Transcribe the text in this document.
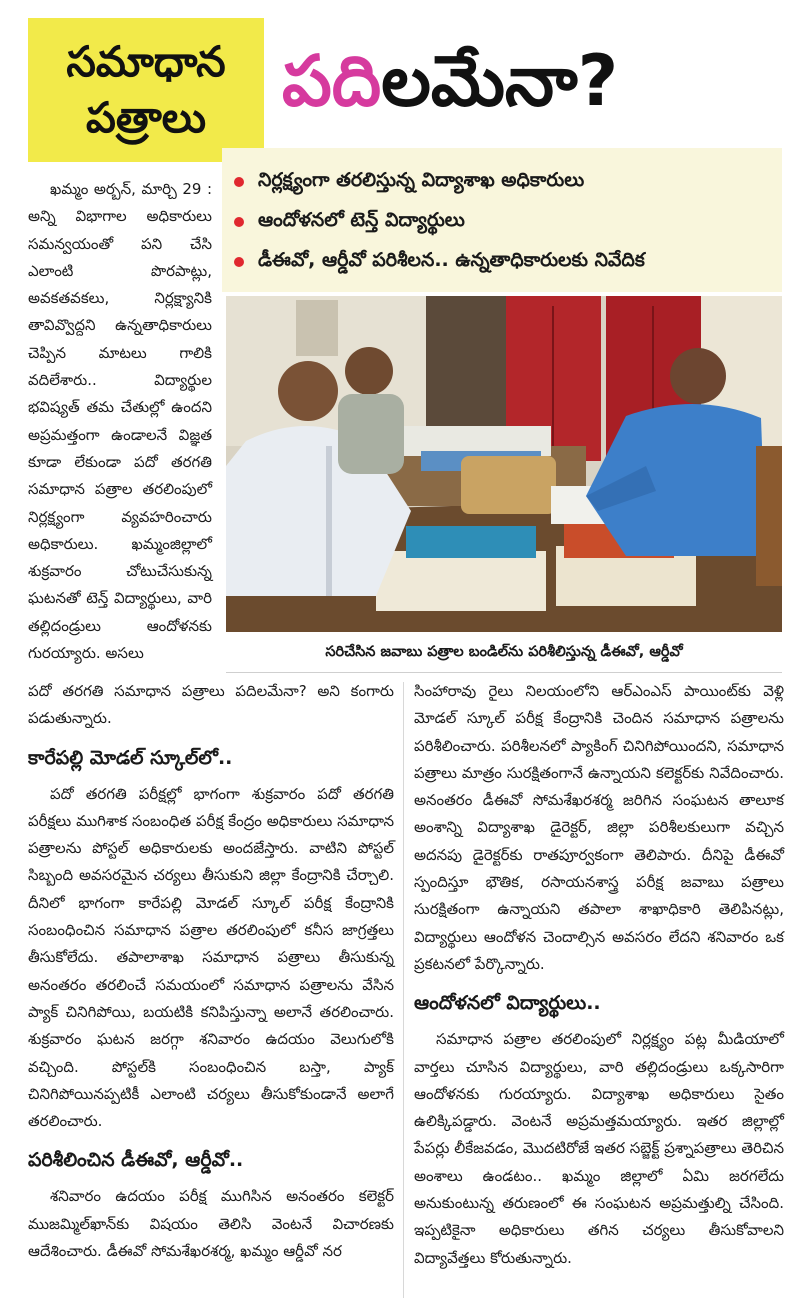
సమాధాన
పత్రాలు పదిలమేనా?
నిర్లక్ష్యంగా తరలిస్తున్న విద్యాశాఖ అధికారులు
ఆందోళనలో టెన్త్‌ విద్యార్థులు
డీఈవో, ఆర్డీవో పరిశీలన.. ఉన్నతాధికారులకు నివేదిక
సరిచేసిన జవాబు పత్రాల బండిల్‌ను పరిశీలిస్తున్న డీఈవో, ఆర్డీవో

ఖమ్మం అర్బన్‌, మార్చి 29 : అన్ని విభాగాల అధికారులు సమన్వయంతో పని చేసి ఎలాంటి పొరపాట్లు, అవకతవకలు, నిర్లక్ష్యానికి తావివ్వొద్దని ఉన్నతాధికారులు చెప్పిన మాటలు గాలికి వదిలేశారు.. విద్యార్థుల భవిష్యత్‌ తమ చేతుల్లో ఉందని అప్రమత్తంగా ఉండాలనే విజ్ఞత కూడా లేకుండా పదో తరగతి సమాధాన పత్రాల తరలింపులో నిర్లక్ష్యంగా వ్యవహరించారు అధికారులు. ఖమ్మంజిల్లాలో శుక్రవారం చోటుచేసుకున్న ఘటనతో టెన్త్‌ విద్యార్థులు, వారి తల్లిదండ్రులు ఆందోళనకు గురయ్యారు. అసలు

పదో తరగతి సమాధాన పత్రాలు పదిలమేనా? అని కంగారు పడుతున్నారు.

కారేపల్లి మోడల్‌ స్కూల్‌లో..

పదో తరగతి పరీక్షల్లో భాగంగా శుక్రవారం పదో తరగతి పరీక్షలు ముగిశాక సంబంధిత పరీక్ష కేంద్రం అధికారులు సమాధాన పత్రాలను పోస్టల్‌ అధికారులకు అందజేస్తారు. వాటిని పోస్టల్‌ సిబ్బంది అవసరమైన చర్యలు తీసుకుని జిల్లా కేంద్రానికి చేర్చాలి. దీనిలో భాగంగా కారేపల్లి మోడల్‌ స్కూల్‌ పరీక్ష కేంద్రానికి సంబంధించిన సమాధాన పత్రాల తరలింపులో కనీస జాగ్రత్తలు తీసుకోలేదు. తపాలాశాఖ సమాధాన పత్రాలు తీసుకున్న అనంతరం తరలించే సమయంలో సమాధాన పత్రాలను వేసిన ప్యాక్‌ చినిగిపోయి, బయటికి కనిపిస్తున్నా అలానే తరలించారు. శుక్రవారం ఘటన జరగ్గా శనివారం ఉదయం వెలుగులోకి వచ్చింది. పోస్టల్‌కి సంబంధించిన బస్తా, ప్యాక్‌ చినిగిపోయినప్పటికీ ఎలాంటి చర్యలు తీసుకోకుండానే అలాగే తరలించారు.

పరిశీలించిన డీఈవో, ఆర్డీవో..

శనివారం ఉదయం పరీక్ష ముగిసిన అనంతరం కలెక్టర్‌ ముజమ్మిల్‌ఖాన్‌కు విషయం తెలిసి వెంటనే విచారణకు ఆదేశించారు. డీఈవో సోమశేఖరశర్మ, ఖమ్మం ఆర్డీవో నర

సింహారావు రైలు నిలయంలోని ఆర్‌ఎంఎస్‌ పాయింట్‌కు వెళ్లి మోడల్‌ స్కూల్‌ పరీక్ష కేంద్రానికి చెందిన సమాధాన పత్రాలను పరిశీలించారు. పరిశీలనలో ప్యాకింగ్‌ చినిగిపోయిందని, సమాధాన పత్రాలు మాత్రం సురక్షితంగానే ఉన్నాయని కలెక్టర్‌కు నివేదించారు. అనంతరం డీఈవో సోమశేఖరశర్మ జరిగిన సంఘటన తాలూక అంశాన్ని విద్యాశాఖ డైరెక్టర్‌, జిల్లా పరిశీలకులుగా వచ్చిన అదనపు డైరెక్టర్‌కు రాతపూర్వకంగా తెలిపారు. దీనిపై డీఈవో స్పందిస్తూ భౌతిక, రసాయనశాస్త్ర పరీక్ష జవాబు పత్రాలు సురక్షితంగా ఉన్నాయని తపాలా శాఖాధికారి తెలిపినట్లు, విద్యార్థులు ఆందోళన చెందాల్సిన అవసరం లేదని శనివారం ఒక ప్రకటనలో పేర్కొన్నారు.

ఆందోళనలో విద్యార్థులు..

సమాధాన పత్రాల తరలింపులో నిర్లక్ష్యం పట్ల మీడియాలో వార్తలు చూసిన విద్యార్థులు, వారి తల్లిదండ్రులు ఒక్కసారిగా ఆందోళనకు గురయ్యారు. విద్యాశాఖ అధికారులు సైతం ఉలిక్కిపడ్డారు. వెంటనే అప్రమత్తమయ్యారు. ఇతర జిల్లాల్లో పేపర్లు లీకేజవడం, మొదటిరోజే ఇతర సబ్జెక్ట్‌ ప్రశ్నాపత్రాలు తెరిచిన అంశాలు ఉండటం.. ఖమ్మం జిల్లాలో ఏమి జరగలేదు అనుకుంటున్న తరుణంలో ఈ సంఘటన అప్రమత్తుల్ని చేసింది. ఇప్పటికైనా అధికారులు తగిన చర్యలు తీసుకోవాలని విద్యావేత్తలు కోరుతున్నారు.
